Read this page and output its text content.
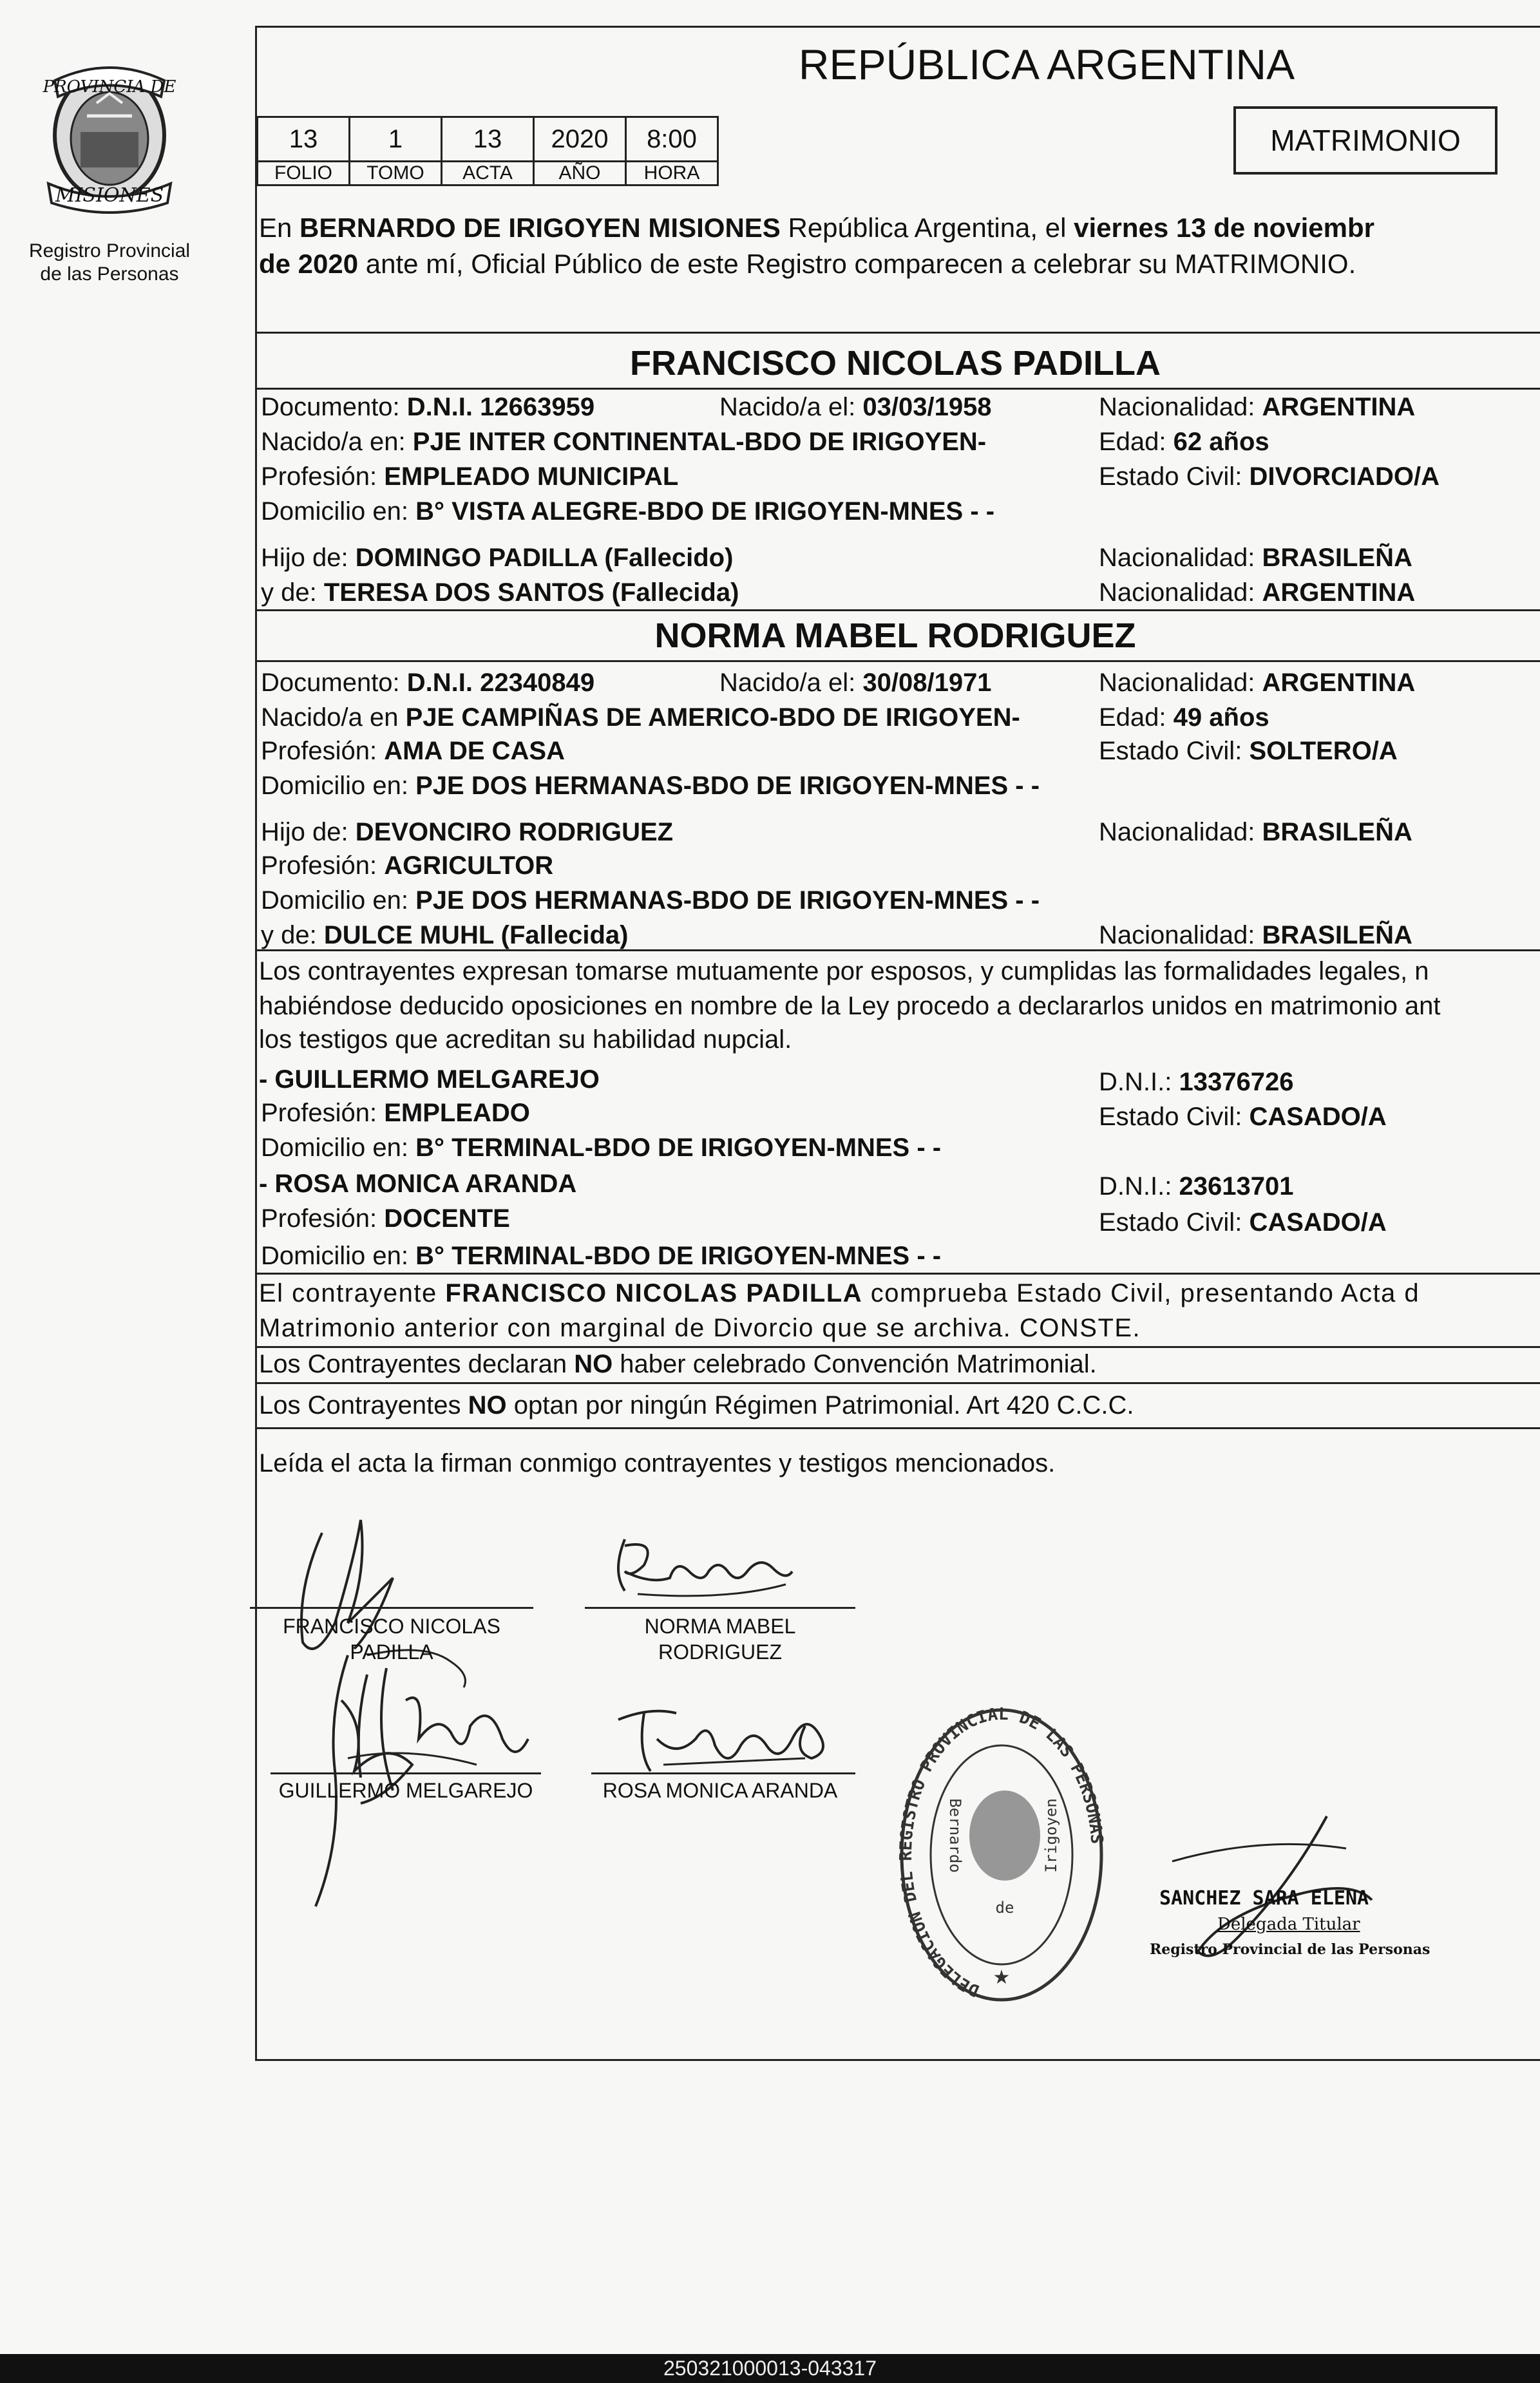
PROVINCIA DE
MISIONES
Registro Provincial
de las Personas
REPÚBLICA ARGENTINA
13	1	13	2020	8:00
FOLIO	TOMO	ACTA	AÑO	HORA
MATRIMONIO
En BERNARDO DE IRIGOYEN MISIONES República Argentina, el viernes 13 de noviembr
de 2020 ante mí, Oficial Público de este Registro comparecen a celebrar su MATRIMONIO.
FRANCISCO NICOLAS PADILLA
Documento: D.N.I. 12663959	Nacido/a el: 03/03/1958	Nacionalidad: ARGENTINA
Nacido/a en: PJE INTER CONTINENTAL-BDO DE IRIGOYEN-	Edad: 62 años
Profesión: EMPLEADO MUNICIPAL	Estado Civil: DIVORCIADO/A
Domicilio en: B° VISTA ALEGRE-BDO DE IRIGOYEN-MNES - -
Hijo de: DOMINGO PADILLA (Fallecido)	Nacionalidad: BRASILEÑA
y de: TERESA DOS SANTOS (Fallecida)	Nacionalidad: ARGENTINA
NORMA MABEL RODRIGUEZ
Documento: D.N.I. 22340849	Nacido/a el: 30/08/1971	Nacionalidad: ARGENTINA
Nacido/a en PJE CAMPIÑAS DE AMERICO-BDO DE IRIGOYEN-	Edad: 49 años
Profesión: AMA DE CASA	Estado Civil: SOLTERO/A
Domicilio en: PJE DOS HERMANAS-BDO DE IRIGOYEN-MNES - -
Hijo de: DEVONCIRO RODRIGUEZ	Nacionalidad: BRASILEÑA
Profesión: AGRICULTOR
Domicilio en: PJE DOS HERMANAS-BDO DE IRIGOYEN-MNES - -
y de: DULCE MUHL (Fallecida)	Nacionalidad: BRASILEÑA
Los contrayentes expresan tomarse mutuamente por esposos, y cumplidas las formalidades legales, n
habiéndose deducido oposiciones en nombre de la Ley procedo a declararlos unidos en matrimonio ant
los testigos que acreditan su habilidad nupcial.
- GUILLERMO MELGAREJO	D.N.I.: 13376726
Profesión: EMPLEADO	Estado Civil: CASADO/A
Domicilio en: B° TERMINAL-BDO DE IRIGOYEN-MNES - -
- ROSA MONICA ARANDA	D.N.I.: 23613701
Profesión: DOCENTE	Estado Civil: CASADO/A
Domicilio en: B° TERMINAL-BDO DE IRIGOYEN-MNES - -
El contrayente FRANCISCO NICOLAS PADILLA comprueba Estado Civil, presentando Acta d
Matrimonio anterior con marginal de Divorcio que se archiva. CONSTE.
Los Contrayentes declaran NO haber celebrado Convención Matrimonial.
Los Contrayentes NO optan por ningún Régimen Patrimonial. Art 420 C.C.C.
Leída el acta la firman conmigo contrayentes y testigos mencionados.
FRANCISCO NICOLAS
PADILLA
NORMA MABEL
RODRIGUEZ
GUILLERMO MELGAREJO	ROSA MONICA ARANDA
DELEGACION DEL REGISTRO PROVINCIAL DE LAS PERSONAS
Bernardo
de
Irigoyen
★
SANCHEZ SARA ELENA
Delegada Titular
Registro Provincial de las Personas
250321000013-043317
